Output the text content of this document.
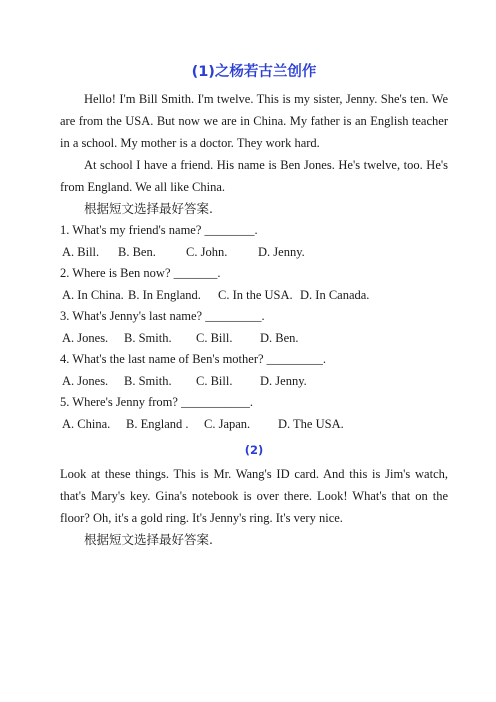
(1)之杨若古兰创作

Hello! I'm Bill Smith. I'm twelve. This is my sister, Jenny. She's ten. We are from the USA. But now we are in China. My father is an English teacher in a school. My mother is a doctor. They work hard.

At school I have a friend. His name is Ben Jones. He's twelve, too. He's from England. We all like China.

根据短文选择最好答案.

1. What's my friend's name? ________.
A. Bill. B. Ben. C. John. D. Jenny.
2. Where is Ben now? _______.
A. In China. B. In England. C. In the USA. D. In Canada.
3. What's Jenny's last name? _________.
A. Jones. B. Smith. C. Bill. D. Ben.
4. What's the last name of Ben's mother? _________.
A. Jones. B. Smith. C. Bill. D. Jenny.
5. Where's Jenny from? ___________.
A. China. B. England . C. Japan. D. The USA.
(2)

Look at these things. This is Mr. Wang's ID card. And this is Jim's watch, that's Mary's key. Gina's notebook is over there. Look! What's that on the floor? Oh, it's a gold ring. It's Jenny's ring. It's very nice.

根据短文选择最好答案.
